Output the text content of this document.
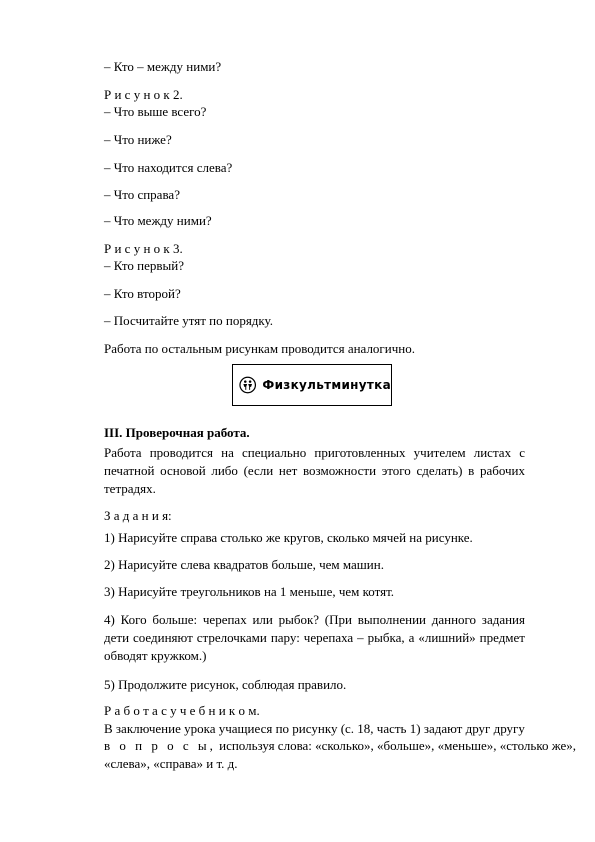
– Кто – между ними?
Р и с у н о к 2.
– Что выше всего?
– Что ниже?
– Что находится слева?
– Что справа?
– Что между ними?
Р и с у н о к 3.
– Кто первый?
– Кто второй?
– Посчитайте утят по порядку.
Работа по остальным рисункам проводится аналогично.
Физкультминутка
III. Проверочная работа.
Работа проводится на специально приготовленных учителем листах с печатной основой либо (если нет возможности этого сделать) в рабочих тетрадях.
З а д а н и я:
1) Нарисуйте справа столько же кругов, сколько мячей на рисунке.
2) Нарисуйте слева квадратов больше, чем машин.
3) Нарисуйте треугольников на 1 меньше, чем котят.
4) Кого больше: черепах или рыбок? (При выполнении данного задания дети соединяют стрелочками пару: черепаха – рыбка, а «лишний» предмет обводят кружком.)
5) Продолжите рисунок, соблюдая правило.
Р а б о т а с у ч е б н и к о м.
В заключение урока учащиеся по рисунку (с. 18, часть 1) задают друг другу
в о п р о с ы, используя слова: «сколько», «больше», «меньше», «столько же»,
«слева», «справа» и т. д.
